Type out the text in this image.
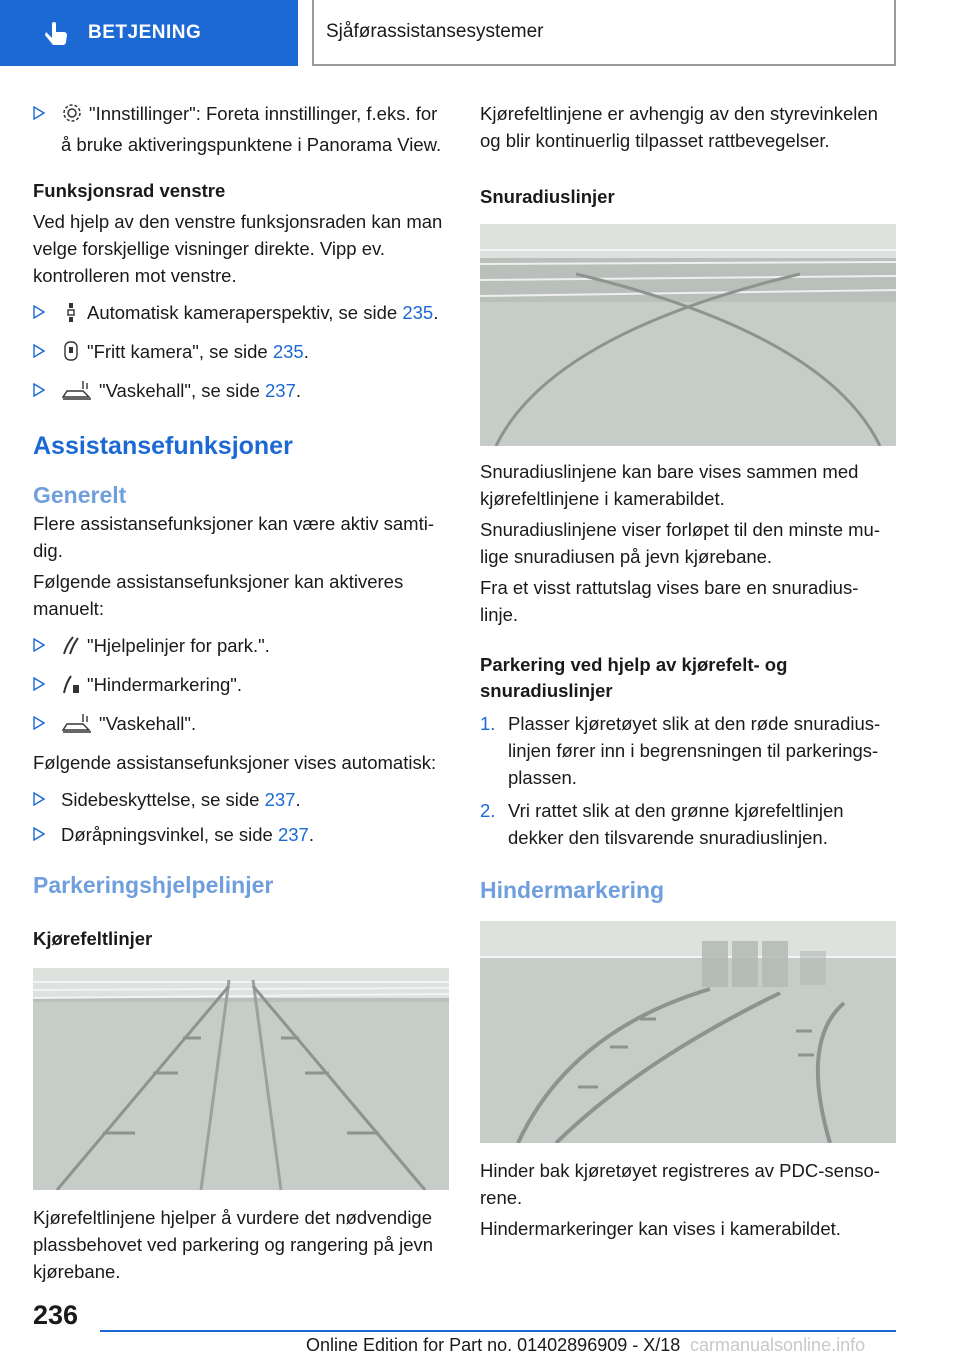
BETJENING	Sjåførassistansesystemer
"Innstillinger": Foreta innstillinger, f.eks. for å bruke aktiveringspunktene i Panorama View.
Funksjonsrad venstre

Ved hjelp av den venstre funksjonsraden kan man velge forskjellige visninger direkte. Vipp ev. kontrolleren mot venstre.

Automatisk kameraperspektiv, se side 235.
"Fritt kamera", se side 235.
"Vaskehall", se side 237.
Assistansefunksjoner
Generelt

Flere assistansefunksjoner kan være aktiv samti‐dig.

Følgende assistansefunksjoner kan aktiveres manuelt:

"Hjelpelinjer for park.".
"Hindermarkering".
"Vaskehall".

Følgende assistansefunksjoner vises automatisk:

Sidebeskyttelse, se side 237.
Døråpningsvinkel, se side 237.
Parkeringshjelpelinjer
Kjørefeltlinjer

Kjørefeltlinjene hjelper å vurdere det nødvendige plassbehovet ved parkering og rangering på jevn kjørebane.

Kjørefeltlinjene er avhengig av den styrevinkelen og blir kontinuerlig tilpasset rattbevegelser.

Snuradiuslinjer

Snuradiuslinjene kan bare vises sammen med kjørefeltlinjene i kamerabildet.

Snuradiuslinjene viser forløpet til den minste mu‐lige snuradiusen på jevn kjørebane.

Fra et visst rattutslag vises bare en snuradius‐linje.

Parkering ved hjelp av kjørefelt- og snuradiuslinjer
1. Plasser kjøretøyet slik at den røde snuradius‐linjen fører inn i begrensningen til parkerings‐plassen.
2. Vri rattet slik at den grønne kjørefeltlinjen dekker den tilsvarende snuradiuslinjen.
Hindermarkering

Hinder bak kjøretøyet registreres av PDC-senso‐rene.

Hindermarkeringer kan vises i kamerabildet.

236
Online Edition for Part no. 01402896909 - X/18 carmanualsonline.info
